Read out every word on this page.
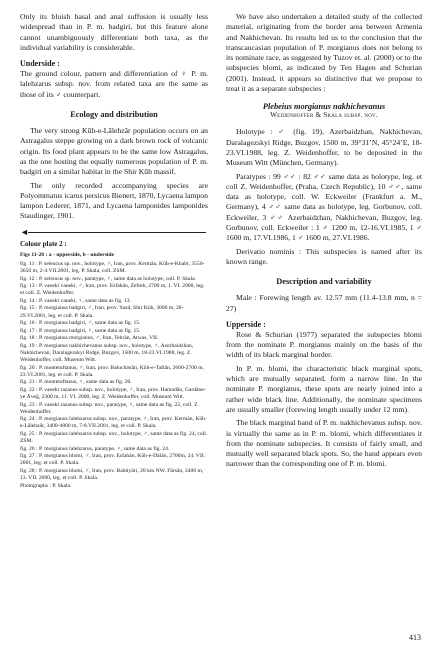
Only its bluish basal and anal suffusion is usually less widespread than in P. m. badgiri, but this feature alone cannot unambiguously differentiate both taxa, as the individual variability is considerable.

Underside :

The ground colour, pattern and differentiation of ♀ P. m. lalehzarus subsp. nov. from related taxa are the same as those of its ♂ counterpart.

Ecology and distribution

The very strong Kūh-e-Lālehzār population occurs on an Astragalus steppe growing on a dark brown rock of volcanic origin. Its food plant appears to be the same low Astragalus, as the one hosting the equally numerous population of P. m. badgiri on a similar habitat in the Shir Kūh massif.

The only recorded accompanying species are Polyommatus icarus persicus Bienert, 1870, Lycaena lampon lampon Lederer, 1871, and Lycaena lamponides lamponides Staudinger, 1901.

◄
Colour plate 2 :

Figs 11-28 : a - upperside, b - underside

fig. 11 : P. seleucus sp. nov., holotype, ♂, Iran, prov. Kermān, Kūh-e-Khabr, 3550-3650 m, 2-4.VII.2001, leg. P. Skala, coll. ZSM.

fig. 12 : P. seleucus sp. nov., paratype, ♀, same data as holotype, coll. P. Skala.

fig. 13 : P. vaneki vaneki, ♂, Iran, prov. Esfahān, Zefreh, 2700 m, 1. VI. 2000, leg. et coll. Z. Weidenhoffer.

fig. 14 : P. vaneki vaneki, ♀, same data as fig. 13.

fig. 15 : P. morgianus badgiri, ♂, Iran, prov. Yazd, Shir Kūh, 3000 m, 28-29.VI.2001, leg. et coll. P. Skala.

fig. 16 : P. morgianus badgiri, ♂, same data as fig. 15.

fig. 17 : P. morgianus badgiri, ♀, same data as fig. 15.

fig. 18 : P. morgianus morgianus, ♂, Iran, Tehrān, Atwas, VII.

fig. 19 : P. morgianus nakhichevanus subsp. nov., holotype, ♂, Azerbaidzhan, Nakhichevan, Daralagezskyi Ridge, Buzgov, 1500 m, 18-23.VI.1988, leg. Z. Weidenhoffer, coll. Museum Witt.

fig. 20 : P. montetuftanus, ♂, Iran, prov. Baluchistān, Kūh-e-Taftān, 2600-2700 m, 23.VI.2001, leg. et coll. P. Skala.

fig. 21 : P. montetuftanus, ♀, same data as fig. 20.

fig. 22 : P. vaneki razanus subsp. nov., holotype, ♂, Iran, prov. Hamadān, Gardāne-ye Āveğ, 2300 m, 11. VI. 2000, leg. Z. Weidenhoffer, coll. Museum Witt.

fig. 23 : P. vaneki razanus subsp. nov., paratype, ♀, same data as fig. 22, coll. Z. Weidenhoffer.

fig. 24 : P. morgianus lalehzarus subsp. nov., paratype, ♂, Iran, prov. Kermān, Kūh-e-Lālehzār, 3400-4000 m, 7-8.VII.2001, leg. et coll. P. Skala.

fig. 25 : P. morgianus lalehzarus subsp. nov., holotype, ♂, same data as fig. 24, coll. ZSM.

fig. 26 : P. morgianus lalehzarus, paratype, ♀, same data as fig. 24.

fig. 27 : P. morgianus blomi, ♂, Iran, prov. Esfahān, Kūh-e-Dālān, 2700m, 24. VII. 2001, leg. et coll. P. Skala.

fig. 28 : P. morgianus blomi, ♂, Iran, prov. Bahtiyāri, 20 km NW. Fārsān, 2400 m, 13. VII. 2000, leg. et coll. P. Skala.

Photographs : P. Skala.

We have also undertaken a detailed study of the collected material, originating from the border area between Armenia and Nakhichevan. Its results led us to the conclusion that the transcaucasian population of P. morgianus does not belong to its nominate race, as suggested by Tuzov et. al. (2000) or to the subspecies blomi, as indicated by Ten Hagen and Schurian (2001). Instead, it appears so distinctive that we propose to treat it as a separate subspecies :

Plebeius morgianus nakhichevanus
Weidenhoffer & Skala subsp. nov.

Holotype : ♂ (fig. 19), Azerbaidzhan, Nakhichevan, Daralagezskyi Ridge, Buzgov, 1500 m, 39°31’N, 45°24’E, 18-23.VI.1988, leg. Z. Weidenhoffer, to be deposited in the Museum Witt (München, Germany).

Paratypes : 99 ♂♂ : 82 ♂♂ same data as holotype, leg. et coll Z. Weidenhoffer, (Praha, Czech Republic), 10 ♂♂, same data as holotype, coll. W. Eckweiler (Frankfurt a. M., Germany), 4 ♂♂ same data as holotype, leg. Gorbunov, coll. Eckweiler, 3 ♂♂ Azerbaidzhan, Nakhichevan, Buzgov, leg. Gorbunov, coll. Eckweiler : 1 ♂ 1200 m, 12-16.VI.1985, 1 ♂ 1600 m, 17.VI.1986, 1 ♂ 1600 m, 27.VI.1986.

Derivatio nominis : This subspecies is named after its known range.

Description and variability

Male : Forewing length av. 12.57 mm (11.4-13.8 mm, n = 27)

Upperside :

Rose & Schurian (1977) separated the subspecies blomi from the nominate P. morgianus mainly on the basis of the width of its black marginal border.

In P. m. blomi, the characteristic black marginal spots, which are mutually separated, form a narrow line. In the nominate P. morgianus, these spots are nearly joined into a rather wide black line. Additionally, the nominate specimens are usually smaller (forewing length usually under 12 mm).

The black marginal band of P. m. nakhichevanus subsp. nov. is virtually the same as in P. m. blomi, which differentiates it from the nominate subspecies. It consists of fairly small, and mutually well separated black spots. So, the band appears even narrower than the corresponding one of P. m. blomi.

413
